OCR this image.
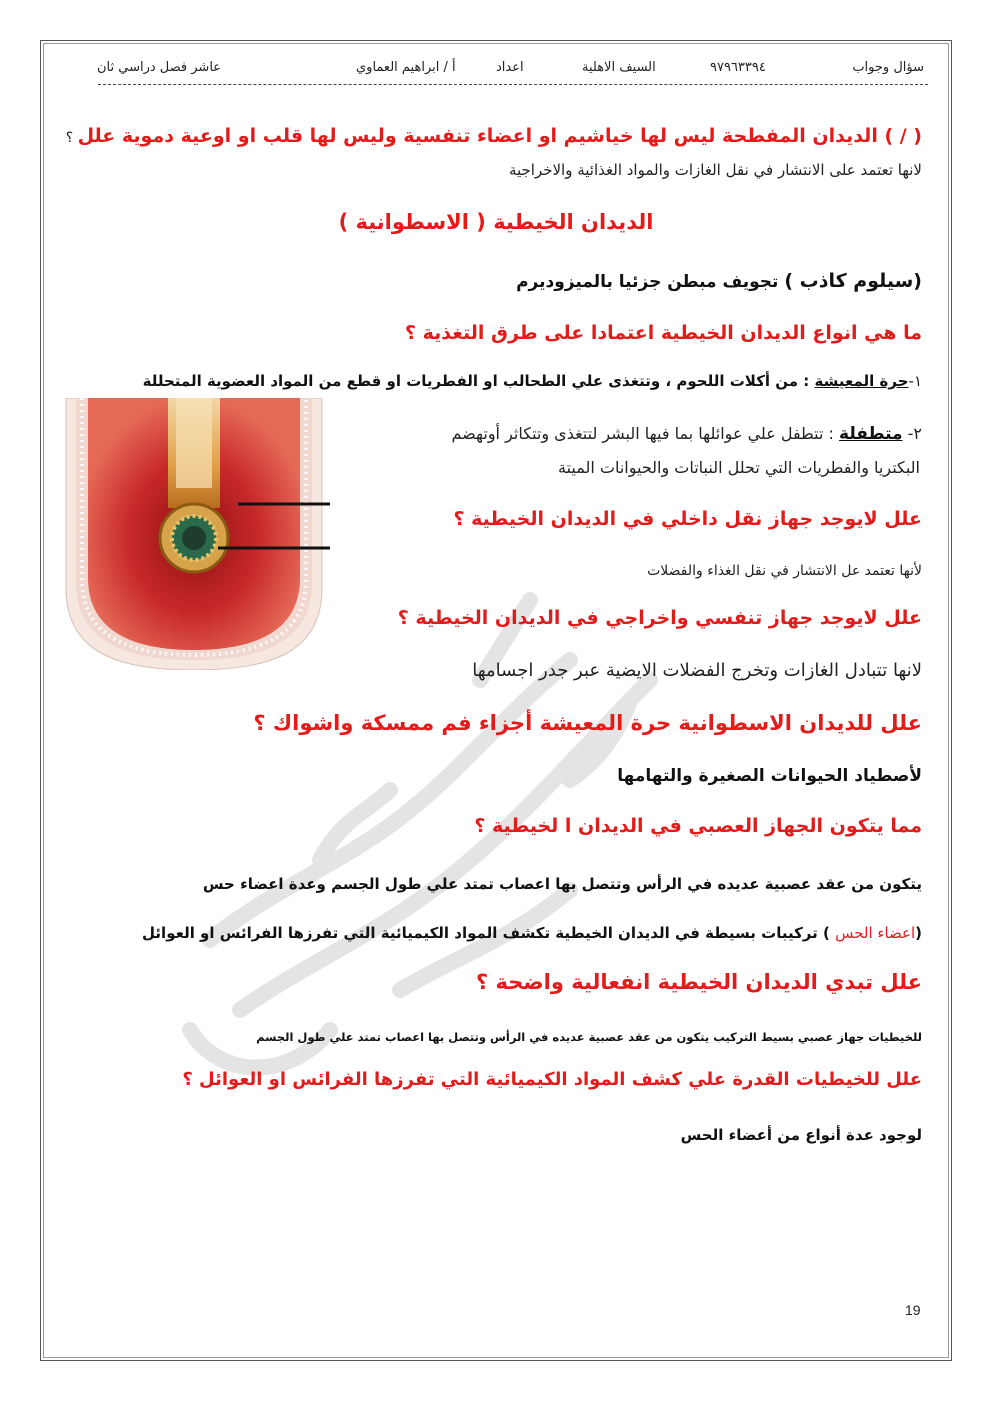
سؤال وجواب
٩٧٩٦٣٣٩٤
السيف الاهلية
اعداد
أ / ابراهيم العماوي
عاشر فصل دراسي ثان
( / ) الديدان المفطحة ليس لها خياشيم او اعضاء تنفسية وليس لها قلب او اوعية دموية علل ؟
لانها تعتمد على الانتشار في نقل الغازات والمواد الغذائية والاخراجية
الديدان الخيطية ( الاسطوانية )
(سيلوم كاذب ) تجويف مبطن جزئيا بالميزوديرم
ما هي انواع الديدان الخيطية اعتمادا على طرق التغذية ؟
١-حرة المعيشة : من أكلات اللحوم ، وتتغذى علي الطحالب او الفطريات او قطع من المواد العضوية المتحللة
٢- متطفلة : تتطفل علي عوائلها بما فيها البشر لتتغذى وتتكاثر أوتهضم
البكتريا والفطريات التي تحلل النباتات والحيوانات الميتة
علل لايوجد جهاز نقل داخلي في الديدان الخيطية ؟
لأنها تعتمد عل الانتشار في نقل الغذاء والفضلات
علل لايوجد جهاز تنفسي واخراجي في الديدان الخيطية ؟
لانها تتبادل الغازات وتخرج الفضلات الايضية عبر جدر اجسامها
علل للديدان الاسطوانية حرة المعيشة أجزاء فم ممسكة واشواك ؟
لأصطياد الحيوانات الصغيرة والتهامها
مما يتكون الجهاز العصبي في الديدان ا لخيطية ؟
يتكون من عقد عصبية عديده في الرأس وتتصل بها اعصاب تمتد علي طول الجسم وعدة اعضاء حس
(اعضاء الحس ) تركيبات بسيطة في الديدان الخيطية تكشف المواد الكيميائية التي تفرزها الفرائس او العوائل
علل تبدي الديدان الخيطية انفعالية واضحة ؟
للخيطيات جهاز عصبي بسيط التركيب يتكون من عقد عصبية عديده في الرأس وتتصل بها اعصاب تمتد علي طول الجسم
علل للخيطيات القدرة علي كشف المواد الكيميائية التي تفرزها الفرائس او العوائل ؟
لوجود عدة أنواع من أعضاء الحس
19
